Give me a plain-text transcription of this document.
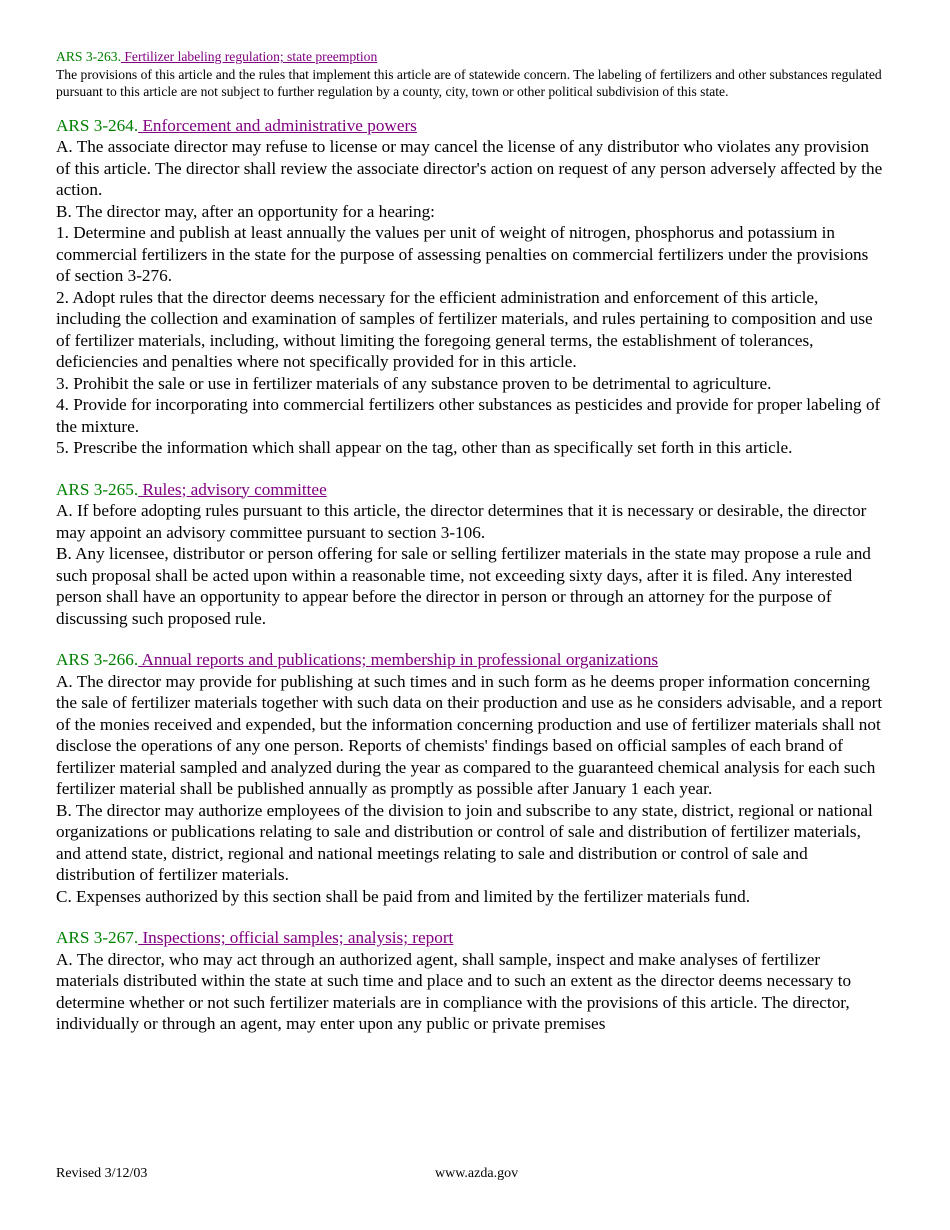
ARS 3-263. Fertilizer labeling regulation; state preemption

The provisions of this article and the rules that implement this article are of statewide concern. The labeling of fertilizers and other substances regulated pursuant to this article are not subject to further regulation by a county, city, town or other political subdivision of this state.

ARS 3-264. Enforcement and administrative powers

A. The associate director may refuse to license or may cancel the license of any distributor who violates any provision of this article. The director shall review the associate director's action on request of any person adversely affected by the action.

B. The director may, after an opportunity for a hearing:

1. Determine and publish at least annually the values per unit of weight of nitrogen, phosphorus and potassium in commercial fertilizers in the state for the purpose of assessing penalties on commercial fertilizers under the provisions of section 3-276.

2. Adopt rules that the director deems necessary for the efficient administration and enforcement of this article, including the collection and examination of samples of fertilizer materials, and rules pertaining to composition and use of fertilizer materials, including, without limiting the foregoing general terms, the establishment of tolerances, deficiencies and penalties where not specifically provided for in this article.

3. Prohibit the sale or use in fertilizer materials of any substance proven to be detrimental to agriculture.

4. Provide for incorporating into commercial fertilizers other substances as pesticides and provide for proper labeling of the mixture.

5. Prescribe the information which shall appear on the tag, other than as specifically set forth in this article.

ARS 3-265. Rules; advisory committee

A. If before adopting rules pursuant to this article, the director determines that it is necessary or desirable, the director may appoint an advisory committee pursuant to section 3-106.

B. Any licensee, distributor or person offering for sale or selling fertilizer materials in the state may propose a rule and such proposal shall be acted upon within a reasonable time, not exceeding sixty days, after it is filed. Any interested person shall have an opportunity to appear before the director in person or through an attorney for the purpose of discussing such proposed rule.

ARS 3-266. Annual reports and publications; membership in professional organizations

A. The director may provide for publishing at such times and in such form as he deems proper information concerning the sale of fertilizer materials together with such data on their production and use as he considers advisable, and a report of the monies received and expended, but the information concerning production and use of fertilizer materials shall not disclose the operations of any one person. Reports of chemists' findings based on official samples of each brand of fertilizer material sampled and analyzed during the year as compared to the guaranteed chemical analysis for each such fertilizer material shall be published annually as promptly as possible after January 1 each year.

B. The director may authorize employees of the division to join and subscribe to any state, district, regional or national organizations or publications relating to sale and distribution or control of sale and distribution of fertilizer materials, and attend state, district, regional and national meetings relating to sale and distribution or control of sale and distribution of fertilizer materials.

C. Expenses authorized by this section shall be paid from and limited by the fertilizer materials fund.

ARS 3-267. Inspections; official samples; analysis; report

A. The director, who may act through an authorized agent, shall sample, inspect and make analyses of fertilizer materials distributed within the state at such time and place and to such an extent as the director deems necessary to determine whether or not such fertilizer materials are in compliance with the provisions of this article. The director, individually or through an agent, may enter upon any public or private premises

Revised 3/12/03	www.azda.gov
